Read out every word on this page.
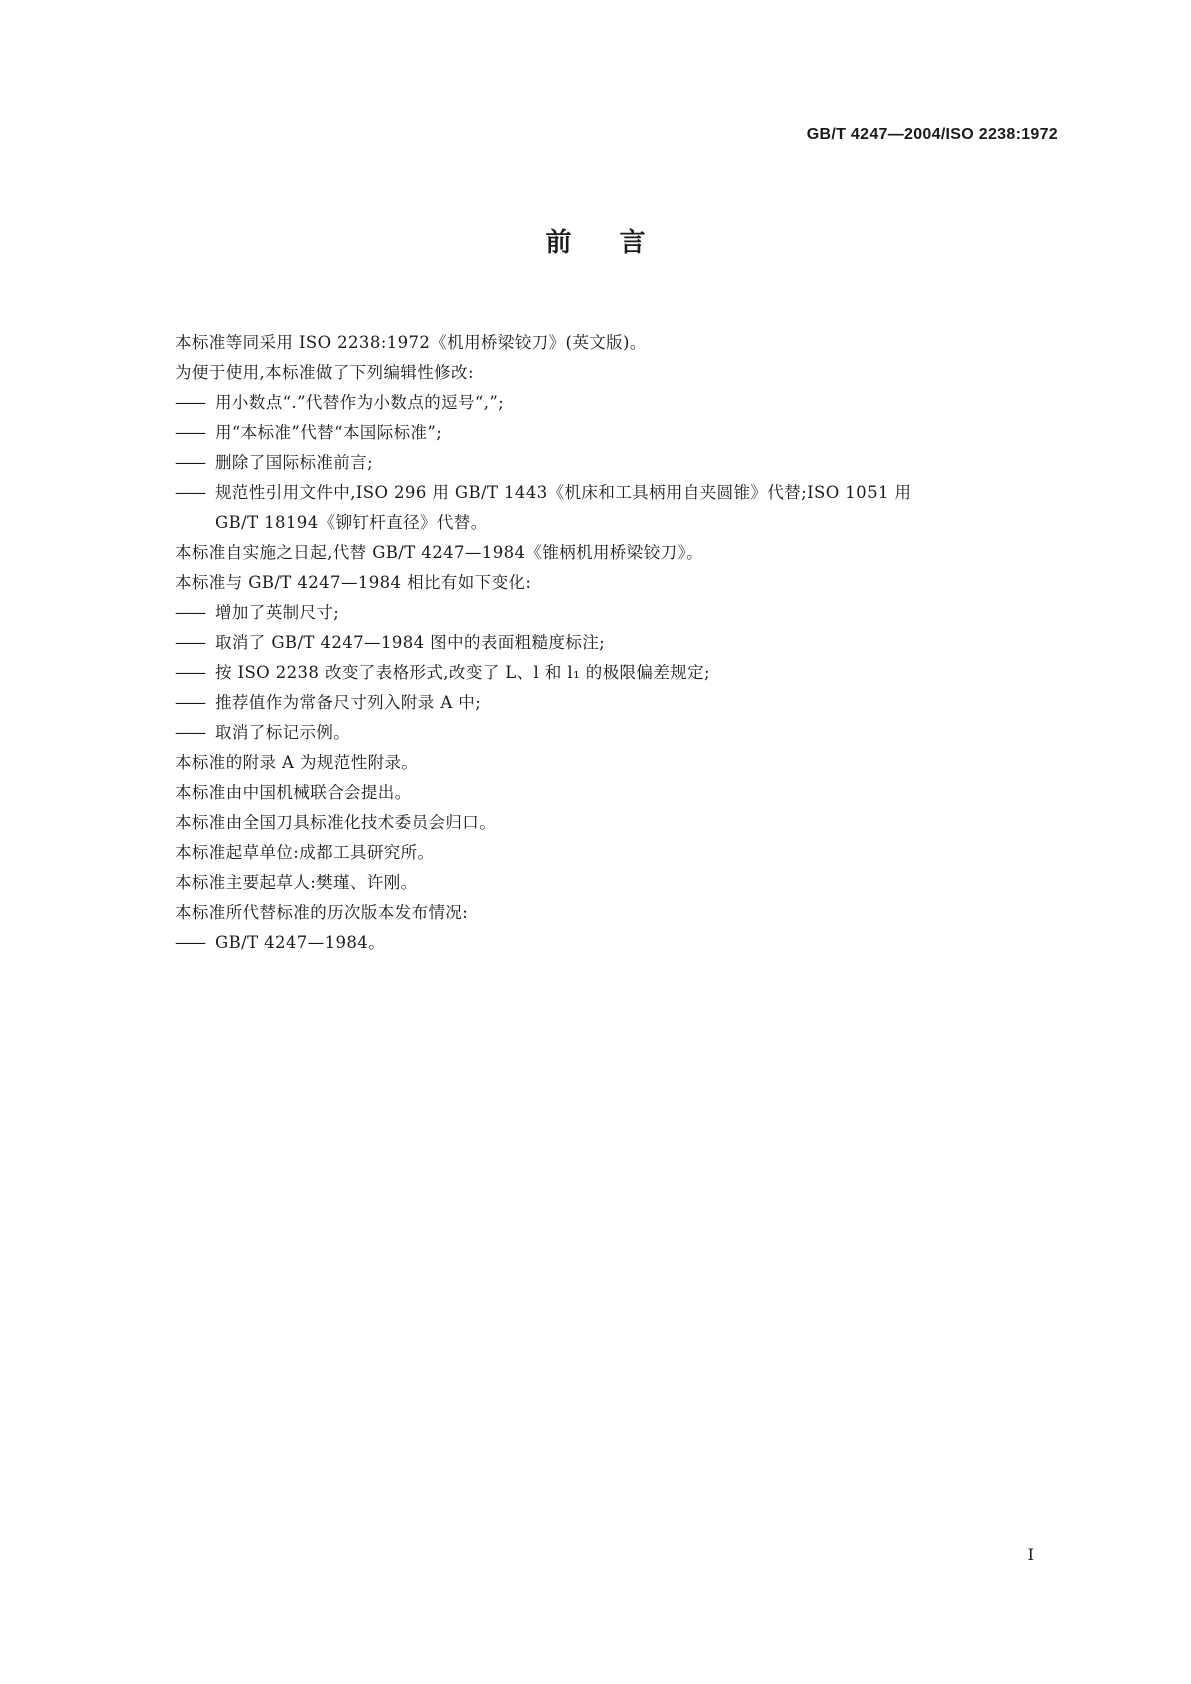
GB/T 4247—2004/ISO 2238:1972
前言
本标准等同采用 ISO 2238:1972《机用桥梁铰刀》(英文版)。
为便于使用,本标准做了下列编辑性修改:
—— 用小数点“.”代替作为小数点的逗号“,”;
—— 用“本标准”代替“本国际标准”;
—— 删除了国际标准前言;
—— 规范性引用文件中,ISO 296 用 GB/T 1443《机床和工具柄用自夹圆锥》代替;ISO 1051 用
GB/T 18194《铆钉杆直径》代替。
本标准自实施之日起,代替 GB/T 4247—1984《锥柄机用桥梁铰刀》。
本标准与 GB/T 4247—1984 相比有如下变化:
—— 增加了英制尺寸;
—— 取消了 GB/T 4247—1984 图中的表面粗糙度标注;
—— 按 ISO 2238 改变了表格形式,改变了 L、l 和 l₁ 的极限偏差规定;
—— 推荐值作为常备尺寸列入附录 A 中;
—— 取消了标记示例。
本标准的附录 A 为规范性附录。
本标准由中国机械联合会提出。
本标准由全国刀具标准化技术委员会归口。
本标准起草单位:成都工具研究所。
本标准主要起草人:樊瑾、许刚。
本标准所代替标准的历次版本发布情况:
—— GB/T 4247—1984。
I
